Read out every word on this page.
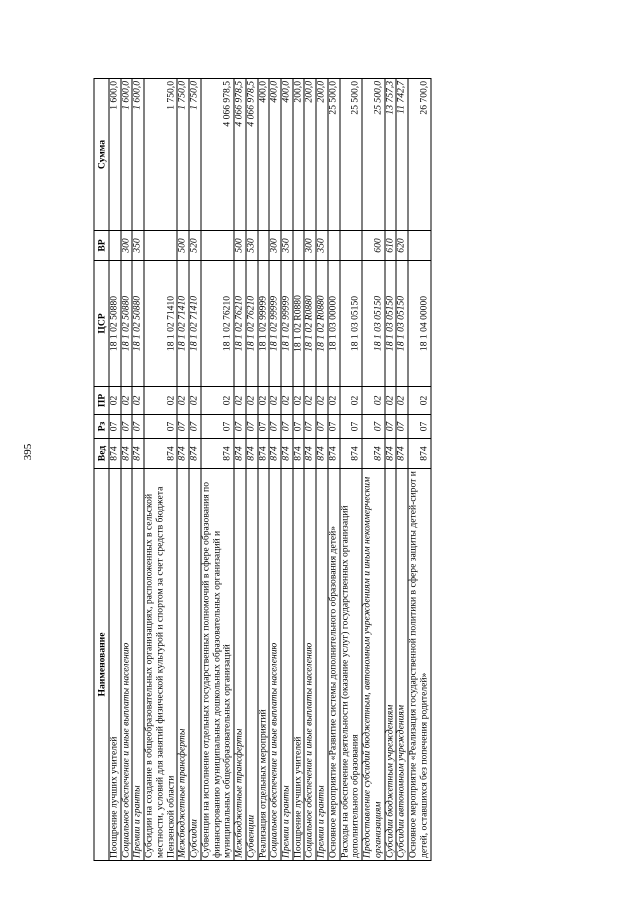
395
Наименование	Вед	Рз	ПР	ЦСР	ВР	Сумма
Поощрение лучших учителей	874	07	02	18 1 02 50880		1 600,0
Социальное обеспечение и иные выплаты населению	874	07	02	18 1 02 50880	300	1 600,0
Премии и гранты	874	07	02	18 1 02 50880	350	1 600,0
Субсидии на создание в общеобразовательных организациях, расположенных в сельской местности, условий для занятий физической культурой и спортом за счет средств бюджета Пензенской области	874	07	02	18 1 02 71410		1 750,0
Межбюджетные трансферты	874	07	02	18 1 02 71410	500	1 750,0
Субсидии	874	07	02	18 1 02 71410	520	1 750,0
Субвенции на исполнение отдельных государственных полномочий в сфере образования по финансированию муниципальных дошкольных образовательных организаций и муниципальных общеобразовательных организаций	874	07	02	18 1 02 76210		4 066 978,5
Межбюджетные трансферты	874	07	02	18 1 02 76210	500	4 066 978,5
Субвенции	874	07	02	18 1 02 76210	530	4 066 978,5
Реализация отдельных мероприятий	874	07	02	18 1 02 99999		400,0
Социальное обеспечение и иные выплаты населению	874	07	02	18 1 02 99999	300	400,0
Премии и гранты	874	07	02	18 1 02 99999	350	400,0
Поощрение лучших учителей	874	07	02	18 1 02 R0880		200,0
Социальное обеспечение и иные выплаты населению	874	07	02	18 1 02 R0880	300	200,0
Премии и гранты	874	07	02	18 1 02 R0880	350	200,0
Основное мероприятие «Развитие системы дополнительного образования детей»	874	07	02	18 1 03 00000		25 500,0
Расходы на обеспечение деятельности (оказание услуг) государственных организаций дополнительного образования	874	07	02	18 1 03 05150		25 500,0
Предоставление субсидий бюджетным, автономным учреждениям и иным некоммерческим организациям	874	07	02	18 1 03 05150	600	25 500,0
Субсидии бюджетным учреждениям	874	07	02	18 1 03 05150	610	13 757,3
Субсидии автономным учреждениям	874	07	02	18 1 03 05150	620	11 742,7
Основное мероприятие «Реализация государственной политики в сфере защиты детей-сирот и детей, оставшихся без попечения родителей»	874	07	02	18 1 04 00000		26 700,0
